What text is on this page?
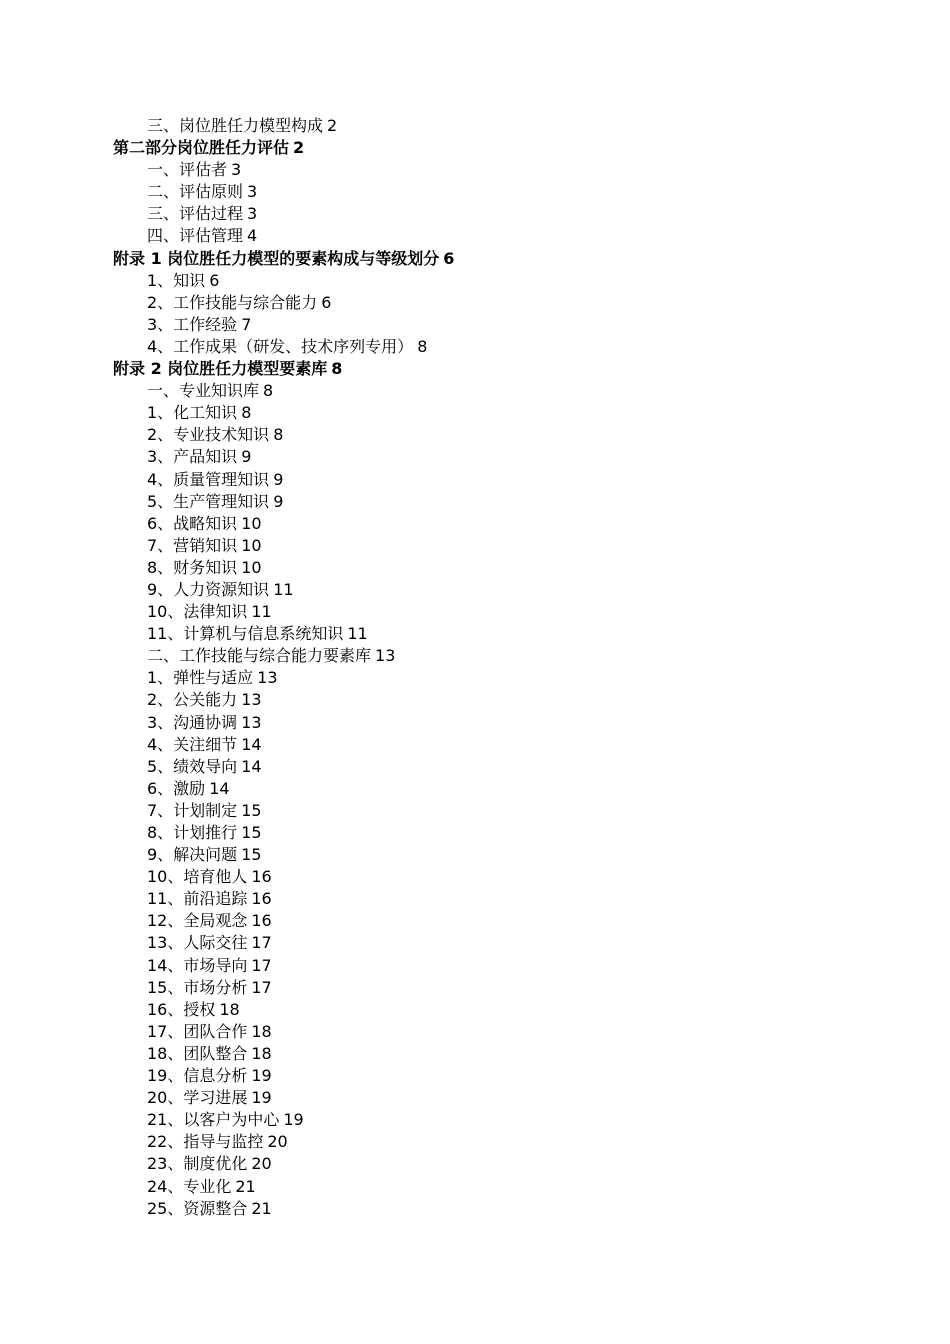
三、岗位胜任力模型构成 2
第二部分岗位胜任力评估 2
一、评估者 3
二、评估原则 3
三、评估过程 3
四、评估管理 4
附录 1 岗位胜任力模型的要素构成与等级划分 6
1、知识 6
2、工作技能与综合能力 6
3、工作经验 7
4、工作成果（研发、技术序列专用） 8
附录 2 岗位胜任力模型要素库 8
一、专业知识库 8
1、化工知识 8
2、专业技术知识 8
3、产品知识 9
4、质量管理知识 9
5、生产管理知识 9
6、战略知识 10
7、营销知识 10
8、财务知识 10
9、人力资源知识 11
10、法律知识 11
11、计算机与信息系统知识 11
二、工作技能与综合能力要素库 13
1、弹性与适应 13
2、公关能力 13
3、沟通协调 13
4、关注细节 14
5、绩效导向 14
6、激励 14
7、计划制定 15
8、计划推行 15
9、解决问题 15
10、培育他人 16
11、前沿追踪 16
12、全局观念 16
13、人际交往 17
14、市场导向 17
15、市场分析 17
16、授权 18
17、团队合作 18
18、团队整合 18
19、信息分析 19
20、学习进展 19
21、以客户为中心 19
22、指导与监控 20
23、制度优化 20
24、专业化 21
25、资源整合 21
